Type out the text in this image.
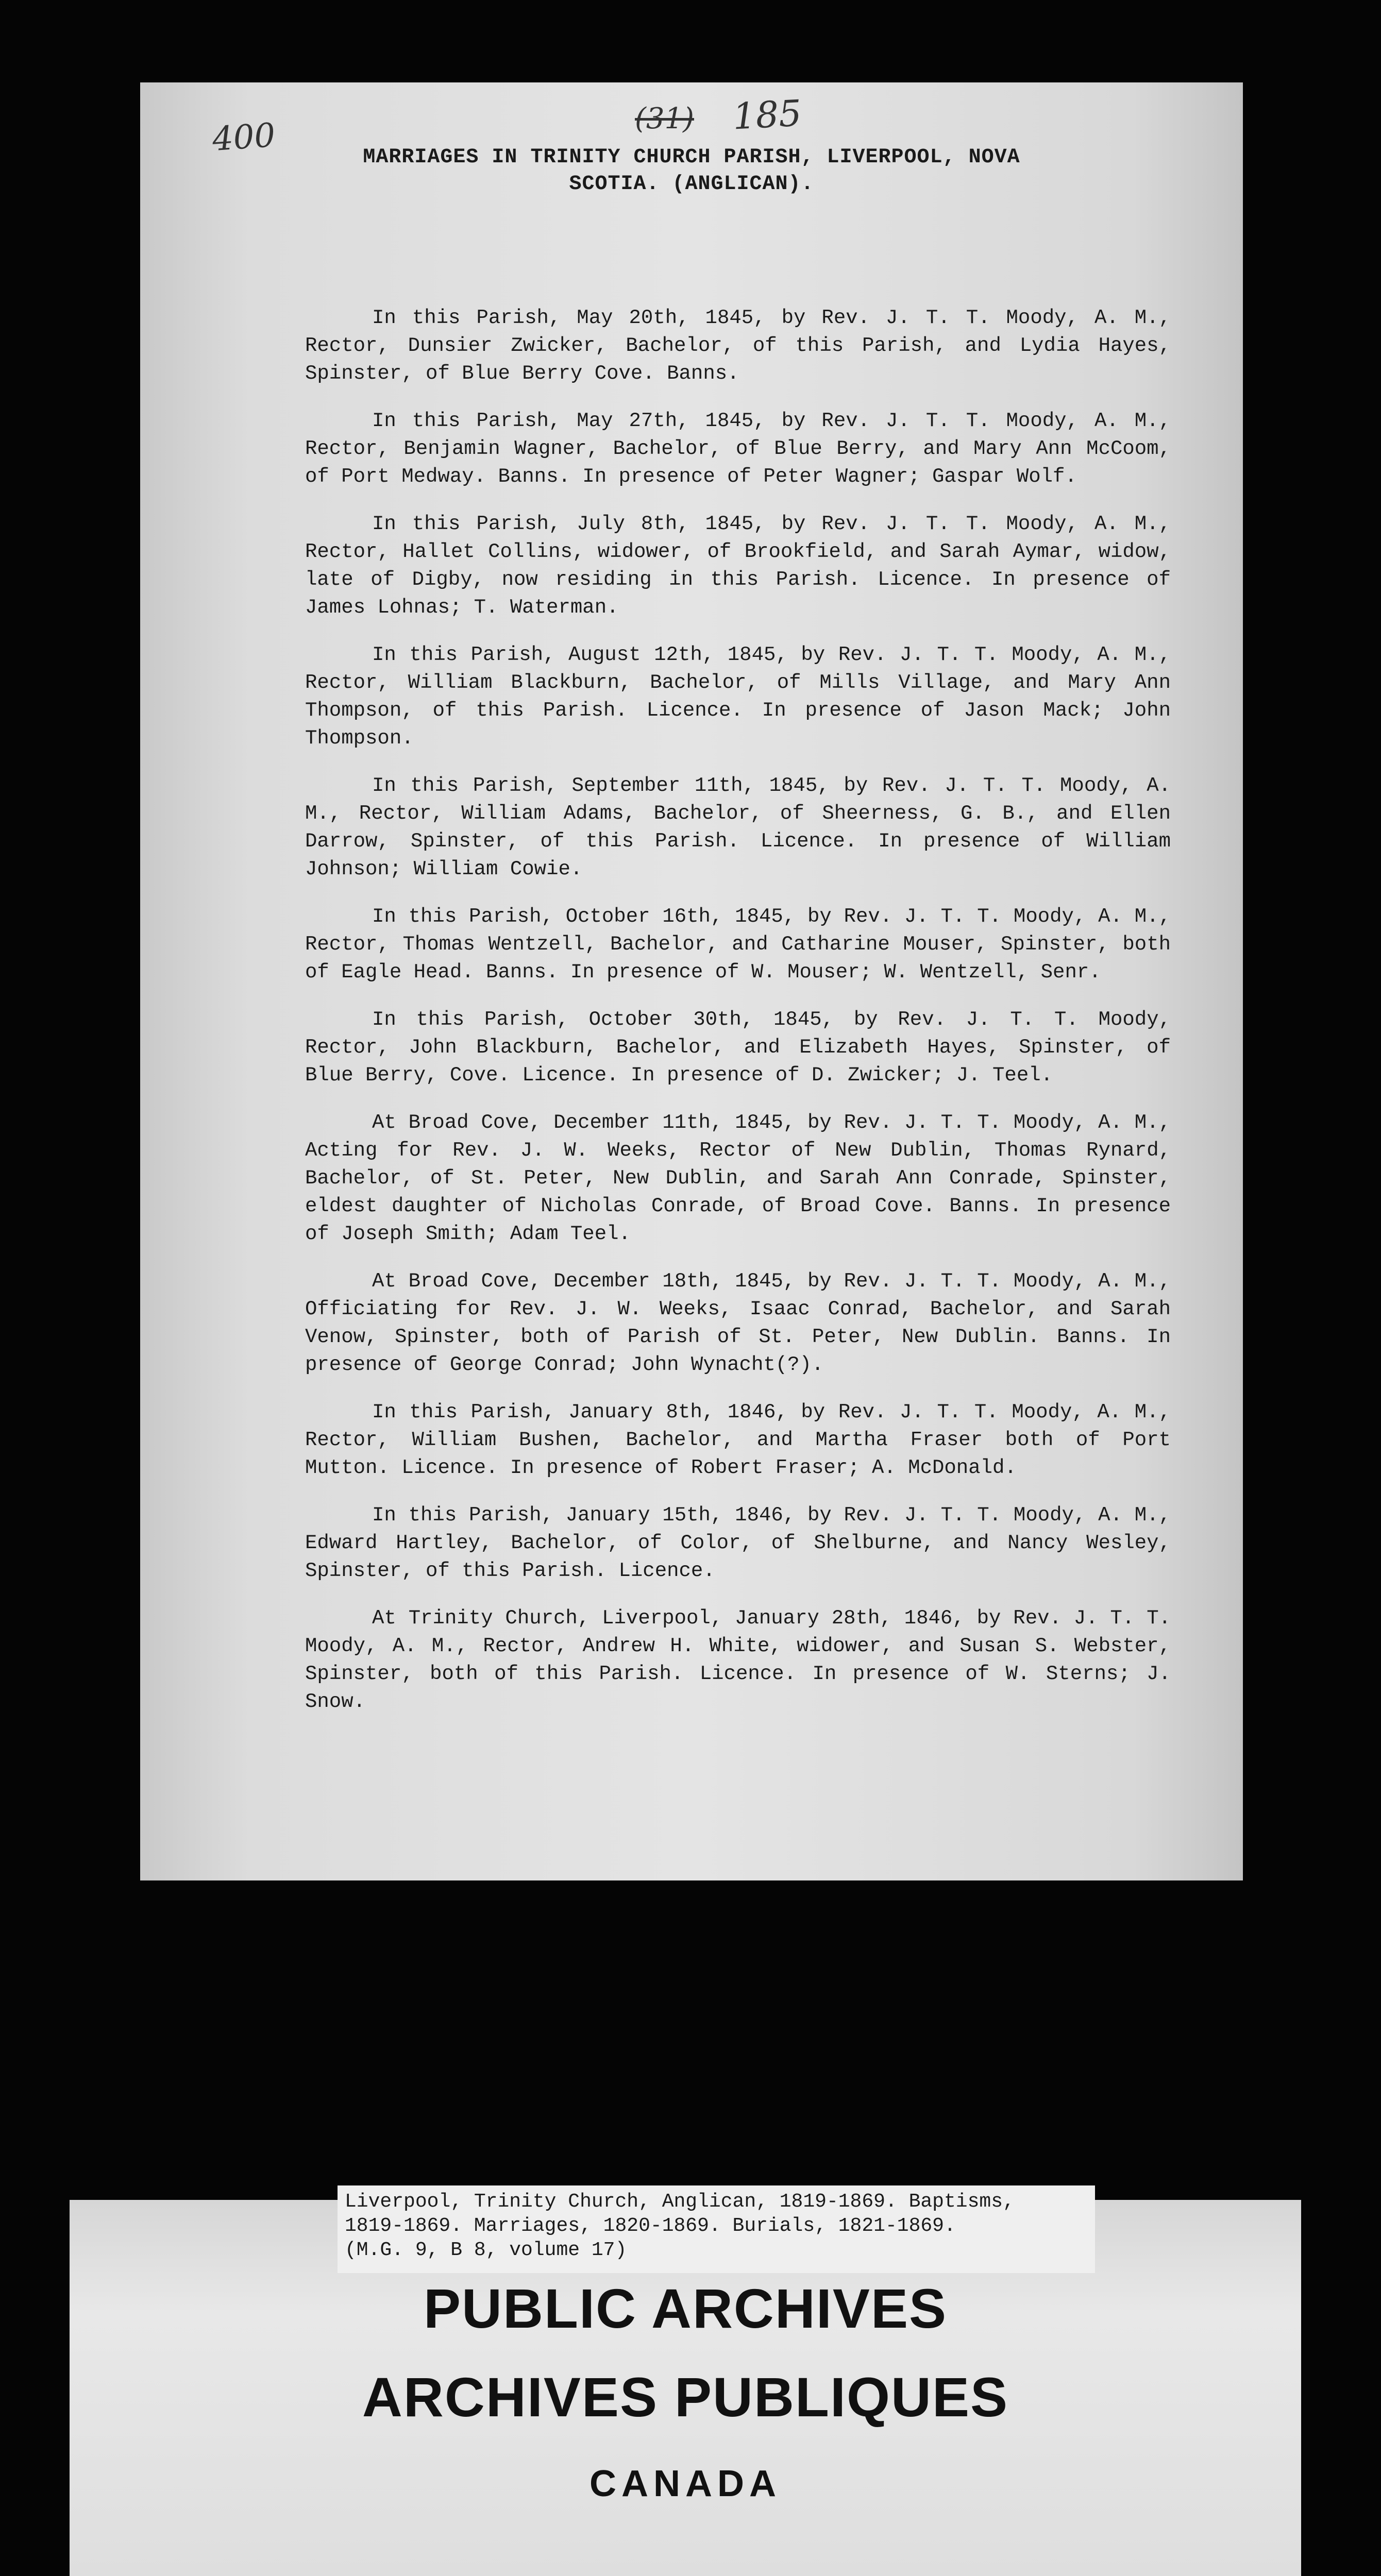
400	(31) 185
MARRIAGES IN TRINITY CHURCH PARISH, LIVERPOOL, NOVA
SCOTIA. (ANGLICAN).

In this Parish, May 20th, 1845, by Rev. J. T. T. Moody, A. M., Rector, Dunsier Zwicker, Bachelor, of this Parish, and Lydia Hayes, Spinster, of Blue Berry Cove. Banns.

In this Parish, May 27th, 1845, by Rev. J. T. T. Moody, A. M., Rector, Benjamin Wagner, Bachelor, of Blue Berry, and Mary Ann McCoom, of Port Medway. Banns. In presence of Peter Wagner; Gaspar Wolf.

In this Parish, July 8th, 1845, by Rev. J. T. T. Moody, A. M., Rector, Hallet Collins, widower, of Brookfield, and Sarah Aymar, widow, late of Digby, now residing in this Parish. Licence. In presence of James Lohnas; T. Waterman.

In this Parish, August 12th, 1845, by Rev. J. T. T. Moody, A. M., Rector, William Blackburn, Bachelor, of Mills Village, and Mary Ann Thompson, of this Parish. Licence. In presence of Jason Mack; John Thompson.

In this Parish, September 11th, 1845, by Rev. J. T. T. Moody, A. M., Rector, William Adams, Bachelor, of Sheerness, G. B., and Ellen Darrow, Spinster, of this Parish. Licence. In presence of William Johnson; William Cowie.

In this Parish, October 16th, 1845, by Rev. J. T. T. Moody, A. M., Rector, Thomas Wentzell, Bachelor, and Catharine Mouser, Spinster, both of Eagle Head. Banns. In presence of W. Mouser; W. Wentzell, Senr.

In this Parish, October 30th, 1845, by Rev. J. T. T. Moody, Rector, John Blackburn, Bachelor, and Elizabeth Hayes, Spinster, of Blue Berry, Cove. Licence. In presence of D. Zwicker; J. Teel.

At Broad Cove, December 11th, 1845, by Rev. J. T. T. Moody, A. M., Acting for Rev. J. W. Weeks, Rector of New Dublin, Thomas Rynard, Bachelor, of St. Peter, New Dublin, and Sarah Ann Conrade, Spinster, eldest daughter of Nicholas Conrade, of Broad Cove. Banns. In presence of Joseph Smith; Adam Teel.

At Broad Cove, December 18th, 1845, by Rev. J. T. T. Moody, A. M., Officiating for Rev. J. W. Weeks, Isaac Conrad, Bachelor, and Sarah Venow, Spinster, both of Parish of St. Peter, New Dublin. Banns. In presence of George Conrad; John Wynacht(?).

In this Parish, January 8th, 1846, by Rev. J. T. T. Moody, A. M., Rector, William Bushen, Bachelor, and Martha Fraser both of Port Mutton. Licence. In presence of Robert Fraser; A. McDonald.

In this Parish, January 15th, 1846, by Rev. J. T. T. Moody, A. M., Edward Hartley, Bachelor, of Color, of Shelburne, and Nancy Wesley, Spinster, of this Parish. Licence.

At Trinity Church, Liverpool, January 28th, 1846, by Rev. J. T. T. Moody, A. M., Rector, Andrew H. White, widower, and Susan S. Webster, Spinster, both of this Parish. Licence. In presence of W. Sterns; J. Snow.

Liverpool, Trinity Church, Anglican, 1819-1869. Baptisms,
1819-1869. Marriages, 1820-1869. Burials, 1821-1869.
(M.G. 9, B 8, volume 17)
PUBLIC ARCHIVES
ARCHIVES PUBLIQUES
CANADA
